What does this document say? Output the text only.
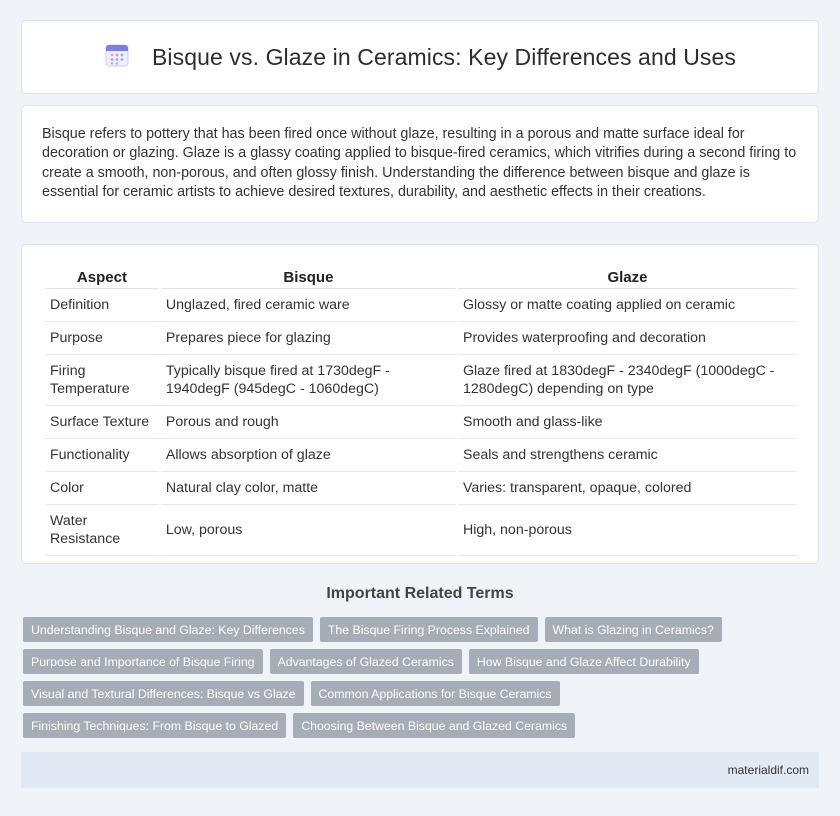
Bisque vs. Glaze in Ceramics: Key Differences and Uses

Bisque refers to pottery that has been fired once without glaze, resulting in a porous and matte surface ideal for decoration or glazing. Glaze is a glassy coating applied to bisque-fired ceramics, which vitrifies during a second firing to create a smooth, non-porous, and often glossy finish. Understanding the difference between bisque and glaze is essential for ceramic artists to achieve desired textures, durability, and aesthetic effects in their creations.

Aspect	Bisque	Glaze
Definition	Unglazed, fired ceramic ware	Glossy or matte coating applied on ceramic
Purpose	Prepares piece for glazing	Provides waterproofing and decoration
Firing Temperature	Typically bisque fired at 1730degF - 1940degF (945degC - 1060degC)	Glaze fired at 1830degF - 2340degF (1000degC - 1280degC) depending on type
Surface Texture	Porous and rough	Smooth and glass-like
Functionality	Allows absorption of glaze	Seals and strengthens ceramic
Color	Natural clay color, matte	Varies: transparent, opaque, colored
Water Resistance	Low, porous	High, non-porous
Important Related Terms
Understanding Bisque and Glaze: Key Differences	The Bisque Firing Process Explained	What is Glazing in Ceramics?
Purpose and Importance of Bisque Firing	Advantages of Glazed Ceramics	How Bisque and Glaze Affect Durability
Visual and Textural Differences: Bisque vs Glaze	Common Applications for Bisque Ceramics
Finishing Techniques: From Bisque to Glazed	Choosing Between Bisque and Glazed Ceramics
materialdif.com
